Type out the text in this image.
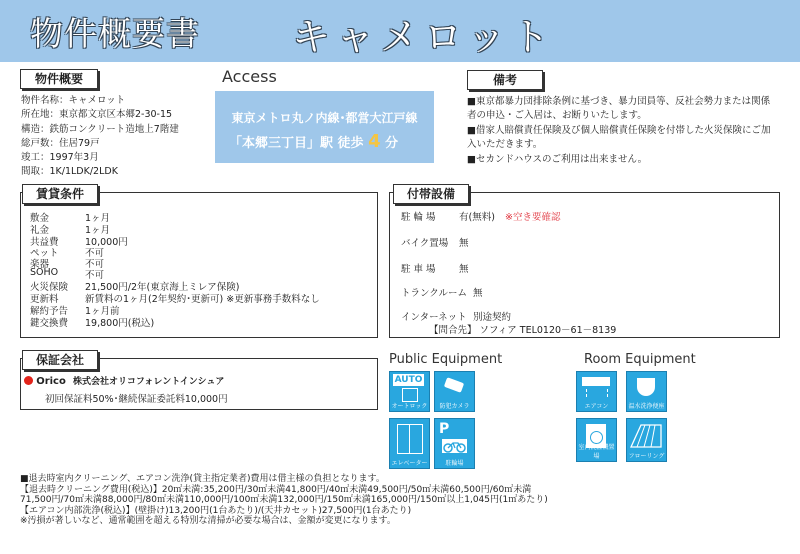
物件概要書 キャメロット
物件概要
物件名称：キャメロット
所在地：東京都文京区本郷2-30-15
構造：鉄筋コンクリート造地上7階建
総戸数：住居79戸
竣工：1997年3月
間取：1K/1LDK/2LDK
Access
東京メトロ丸ノ内線･都営大江戸線
「本郷三丁目」駅 徒歩 4 分
備考
■東京都暴力団排除条例に基づき、暴力団員等、反社会勢力または関係者の申込・ご入居は、お断りいたします。
■借家人賠償責任保険及び個人賠償責任保険を付帯した火災保険にご加入いただきます。
■セカンドハウスのご利用は出来ません。
賃貸条件
敷金	1ヶ月
礼金	1ヶ月
共益費	10,000円
ペット	不可
楽器	不可
SOHO	不可
火災保険 21,500円/2年(東京海上ミレア保険)
更新料	新賃料の1ヶ月(2年契約･更新可) ※更新事務手数料なし
解約予告 1ヶ月前
鍵交換費 19,800円(税込)
付帯設備
駐 輪 場 有(無料) ※空き要確認
バイク置場 無
駐 車 場 無
トランクルーム 無
インターネット 別途契約
【問合先】 ソフィア TEL0120－61－8139
保証会社
Orico 株式会社オリコフォレントインシュア
初回保証料50%･継続保証委託料10,000円
Public Equipment
AUTO
オートロック	防犯カメラ
エレベーター
P
駐輪場
Room Equipment
エアコン	温水洗浄便座
室内洗濯機置場	フローリング
■退去時室内クリーニング、エアコン洗浄(貸主指定業者)費用は借主様の負担となります。
【退去時クリーニング費用(税込)】20㎡未満:35,200円/30㎡未満41,800円/40㎡未満49,500円/50㎡未満60,500円/60㎡未満
71,500円/70㎡未満88,000円/80㎡未満110,000円/100㎡未満132,000円/150㎡未満165,000円/150㎡以上1,045円(1㎡あたり)
【エアコン内部洗浄(税込)】(壁掛け)13,200円(1台あたり)/(天井カセット)27,500円(1台あたり)
※汚損が著しいなど、通常範囲を超える特別な清掃が必要な場合は、金額が変更になります。
